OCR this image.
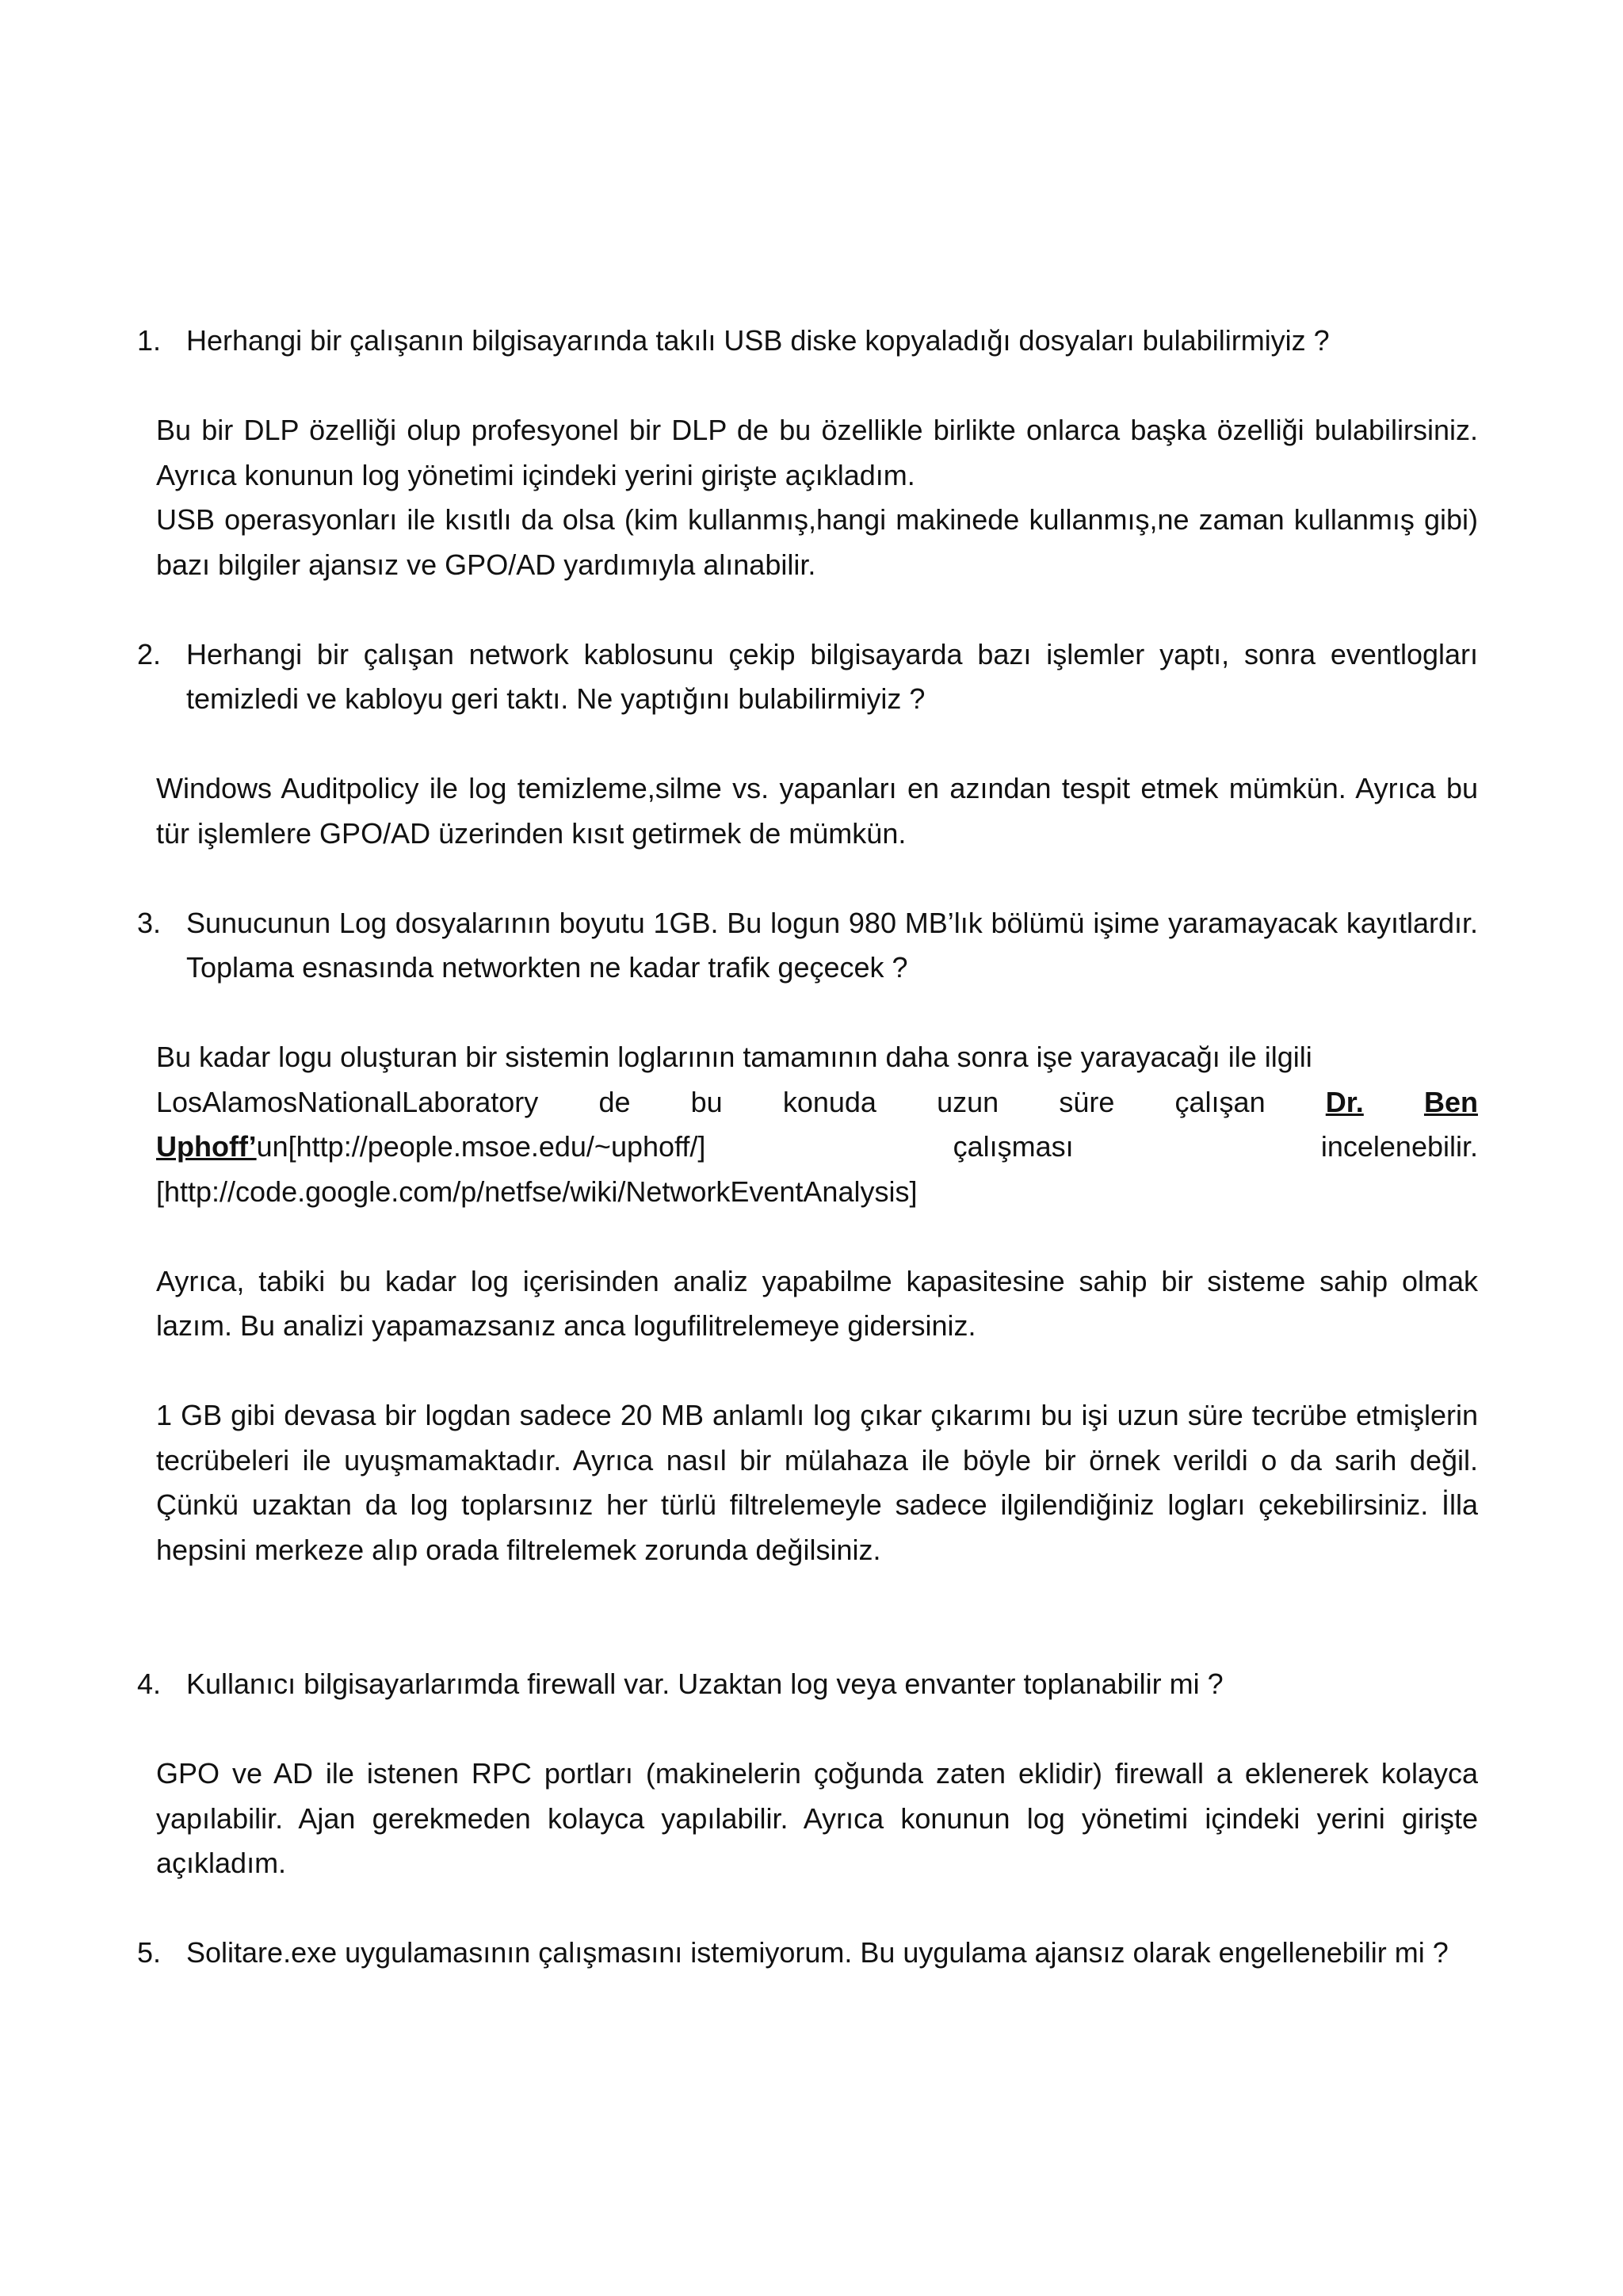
1. Herhangi bir çalışanın bilgisayarında takılı USB diske kopyaladığı dosyaları bulabilirmiyiz ?

Bu bir DLP özelliği olup profesyonel bir DLP de bu özellikle birlikte onlarca başka özelliği bulabilirsiniz. Ayrıca konunun log yönetimi içindeki yerini girişte açıkladım.

USB operasyonları ile kısıtlı da olsa (kim kullanmış,hangi makinede kullanmış,ne zaman kullanmış gibi) bazı bilgiler ajansız ve GPO/AD yardımıyla alınabilir.

2. Herhangi bir çalışan network kablosunu çekip bilgisayarda bazı işlemler yaptı, sonra eventlogları temizledi ve kabloyu geri taktı. Ne yaptığını bulabilirmiyiz ?

Windows Auditpolicy ile log temizleme,silme vs. yapanları en azından tespit etmek mümkün. Ayrıca bu tür işlemlere GPO/AD üzerinden kısıt getirmek de mümkün.

3. Sunucunun Log dosyalarının boyutu 1GB. Bu logun 980 MB’lık bölümü işime yaramayacak kayıtlardır. Toplama esnasında networkten ne kadar trafik geçecek ?

Bu kadar logu oluşturan bir sistemin loglarının tamamının daha sonra işe yarayacağı ile ilgili
LosAlamosNationalLaboratory de bu konuda uzun süre çalışan Dr. Ben
Uphoff’un[http://people.msoe.edu/~uphoff/]	çalışması	incelenebilir.
[http://code.google.com/p/netfse/wiki/NetworkEventAnalysis]

Ayrıca, tabiki bu kadar log içerisinden analiz yapabilme kapasitesine sahip bir sisteme sahip olmak lazım. Bu analizi yapamazsanız anca logufilitrelemeye gidersiniz.

1 GB gibi devasa bir logdan sadece 20 MB anlamlı log çıkar çıkarımı bu işi uzun süre tecrübe etmişlerin tecrübeleri ile uyuşmamaktadır. Ayrıca nasıl bir mülahaza ile böyle bir örnek verildi o da sarih değil. Çünkü uzaktan da log toplarsınız her türlü filtrelemeyle sadece ilgilendiğiniz logları çekebilirsiniz. İlla hepsini merkeze alıp orada filtrelemek zorunda değilsiniz.

4. Kullanıcı bilgisayarlarımda firewall var. Uzaktan log veya envanter toplanabilir mi ?

GPO ve AD ile istenen RPC portları (makinelerin çoğunda zaten eklidir) firewall a eklenerek kolayca yapılabilir. Ajan gerekmeden kolayca yapılabilir. Ayrıca konunun log yönetimi içindeki yerini girişte açıkladım.

5. Solitare.exe uygulamasının çalışmasını istemiyorum. Bu uygulama ajansız olarak engellenebilir mi ?
